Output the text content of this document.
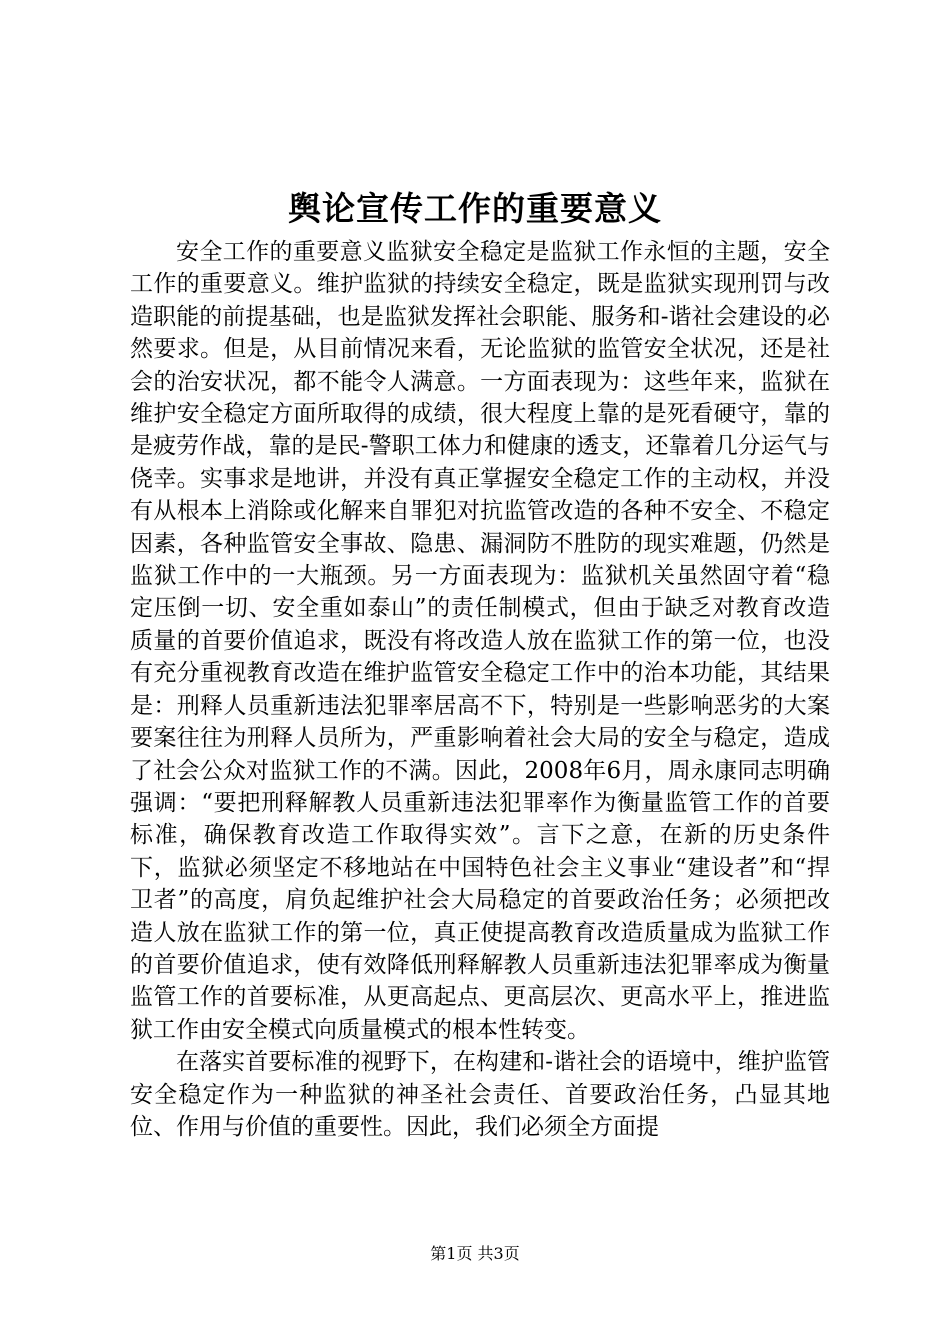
舆论宣传工作的重要意义

安全工作的重要意义监狱安全稳定是监狱工作永恒的主题，安全工作的重要意义。维护监狱的持续安全稳定，既是监狱实现刑罚与改造职能的前提基础，也是监狱发挥社会职能、服务和-谐社会建设的必然要求。但是，从目前情况来看，无论监狱的监管安全状况，还是社会的治安状况，都不能令人满意。一方面表现为：这些年来，监狱在维护安全稳定方面所取得的成绩，很大程度上靠的是死看硬守，靠的是疲劳作战，靠的是民-警职工体力和健康的透支，还靠着几分运气与侥幸。实事求是地讲，并没有真正掌握安全稳定工作的主动权，并没有从根本上消除或化解来自罪犯对抗监管改造的各种不安全、不稳定因素，各种监管安全事故、隐患、漏洞防不胜防的现实难题，仍然是监狱工作中的一大瓶颈。另一方面表现为：监狱机关虽然固守着“稳定压倒一切、安全重如泰山”的责任制模式，但由于缺乏对教育改造质量的首要价值追求，既没有将改造人放在监狱工作的第一位，也没有充分重视教育改造在维护监管安全稳定工作中的治本功能，其结果是：刑释人员重新违法犯罪率居高不下，特别是一些影响恶劣的大案要案往往为刑释人员所为，严重影响着社会大局的安全与稳定，造成了社会公众对监狱工作的不满。因此，2008年6月，周永康同志明确强调：“要把刑释解教人员重新违法犯罪率作为衡量监管工作的首要标准，确保教育改造工作取得实效”。言下之意，在新的历史条件下，监狱必须坚定不移地站在中国特色社会主义事业“建设者”和“捍卫者”的高度，肩负起维护社会大局稳定的首要政治任务；必须把改造人放在监狱工作的第一位，真正使提高教育改造质量成为监狱工作的首要价值追求，使有效降低刑释解教人员重新违法犯罪率成为衡量监管工作的首要标准，从更高起点、更高层次、更高水平上，推进监狱工作由安全模式向质量模式的根本性转变。

在落实首要标准的视野下，在构建和-谐社会的语境中，维护监管安全稳定作为一种监狱的神圣社会责任、首要政治任务，凸显其地位、作用与价值的重要性。因此，我们必须全方面提

第1页 共3页
